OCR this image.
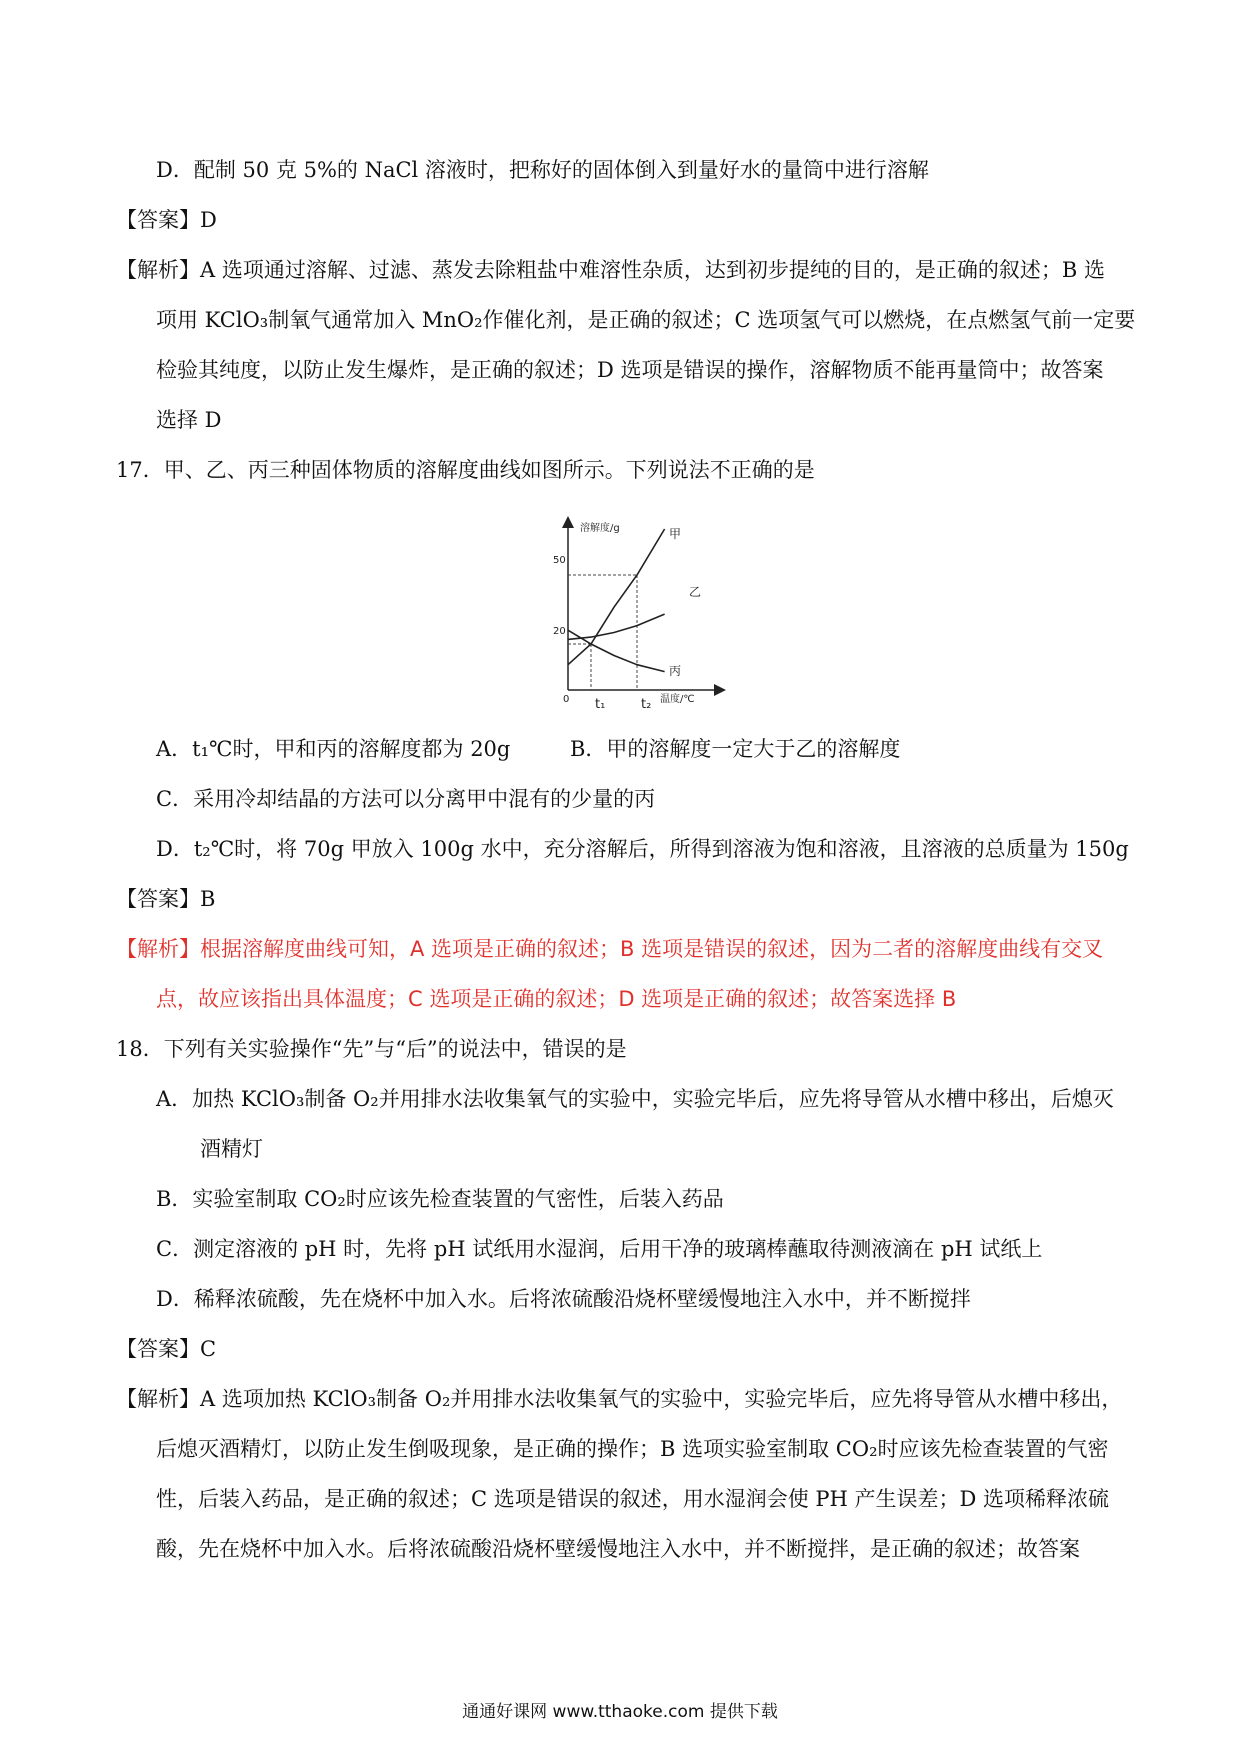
D．配制 50 克 5%的 NaCl 溶液时，把称好的固体倒入到量好水的量筒中进行溶解
【答案】D
【解析】A 选项通过溶解、过滤、蒸发去除粗盐中难溶性杂质，达到初步提纯的目的，是正确的叙述；B 选
项用 KClO₃制氧气通常加入 MnO₂作催化剂，是正确的叙述；C 选项氢气可以燃烧，在点燃氢气前一定要
检验其纯度，以防止发生爆炸，是正确的叙述；D 选项是错误的操作，溶解物质不能再量筒中；故答案
选择 D
17．甲、乙、丙三种固体物质的溶解度曲线如图所示。下列说法不正确的是
溶解度/g
温度/℃
0
50
20
t₁	t₂
甲
乙
丙
A．t₁℃时，甲和丙的溶解度都为 20g	B．甲的溶解度一定大于乙的溶解度
C．采用冷却结晶的方法可以分离甲中混有的少量的丙
D．t₂℃时，将 70g 甲放入 100g 水中，充分溶解后，所得到溶液为饱和溶液，且溶液的总质量为 150g
【答案】B
【解析】根据溶解度曲线可知，A 选项是正确的叙述；B 选项是错误的叙述，因为二者的溶解度曲线有交叉
点，故应该指出具体温度；C 选项是正确的叙述；D 选项是正确的叙述；故答案选择 B
18．下列有关实验操作“先”与“后”的说法中，错误的是
A．加热 KClO₃制备 O₂并用排水法收集氧气的实验中，实验完毕后，应先将导管从水槽中移出，后熄灭
酒精灯
B．实验室制取 CO₂时应该先检查装置的气密性，后装入药品
C．测定溶液的 pH 时，先将 pH 试纸用水湿润，后用干净的玻璃棒蘸取待测液滴在 pH 试纸上
D．稀释浓硫酸，先在烧杯中加入水。后将浓硫酸沿烧杯壁缓慢地注入水中，并不断搅拌
【答案】C
【解析】A 选项加热 KClO₃制备 O₂并用排水法收集氧气的实验中，实验完毕后，应先将导管从水槽中移出，
后熄灭酒精灯，以防止发生倒吸现象，是正确的操作；B 选项实验室制取 CO₂时应该先检查装置的气密
性，后装入药品，是正确的叙述；C 选项是错误的叙述，用水湿润会使 PH 产生误差；D 选项稀释浓硫
酸，先在烧杯中加入水。后将浓硫酸沿烧杯壁缓慢地注入水中，并不断搅拌，是正确的叙述；故答案
通通好课网 www.tthaoke.com 提供下载
